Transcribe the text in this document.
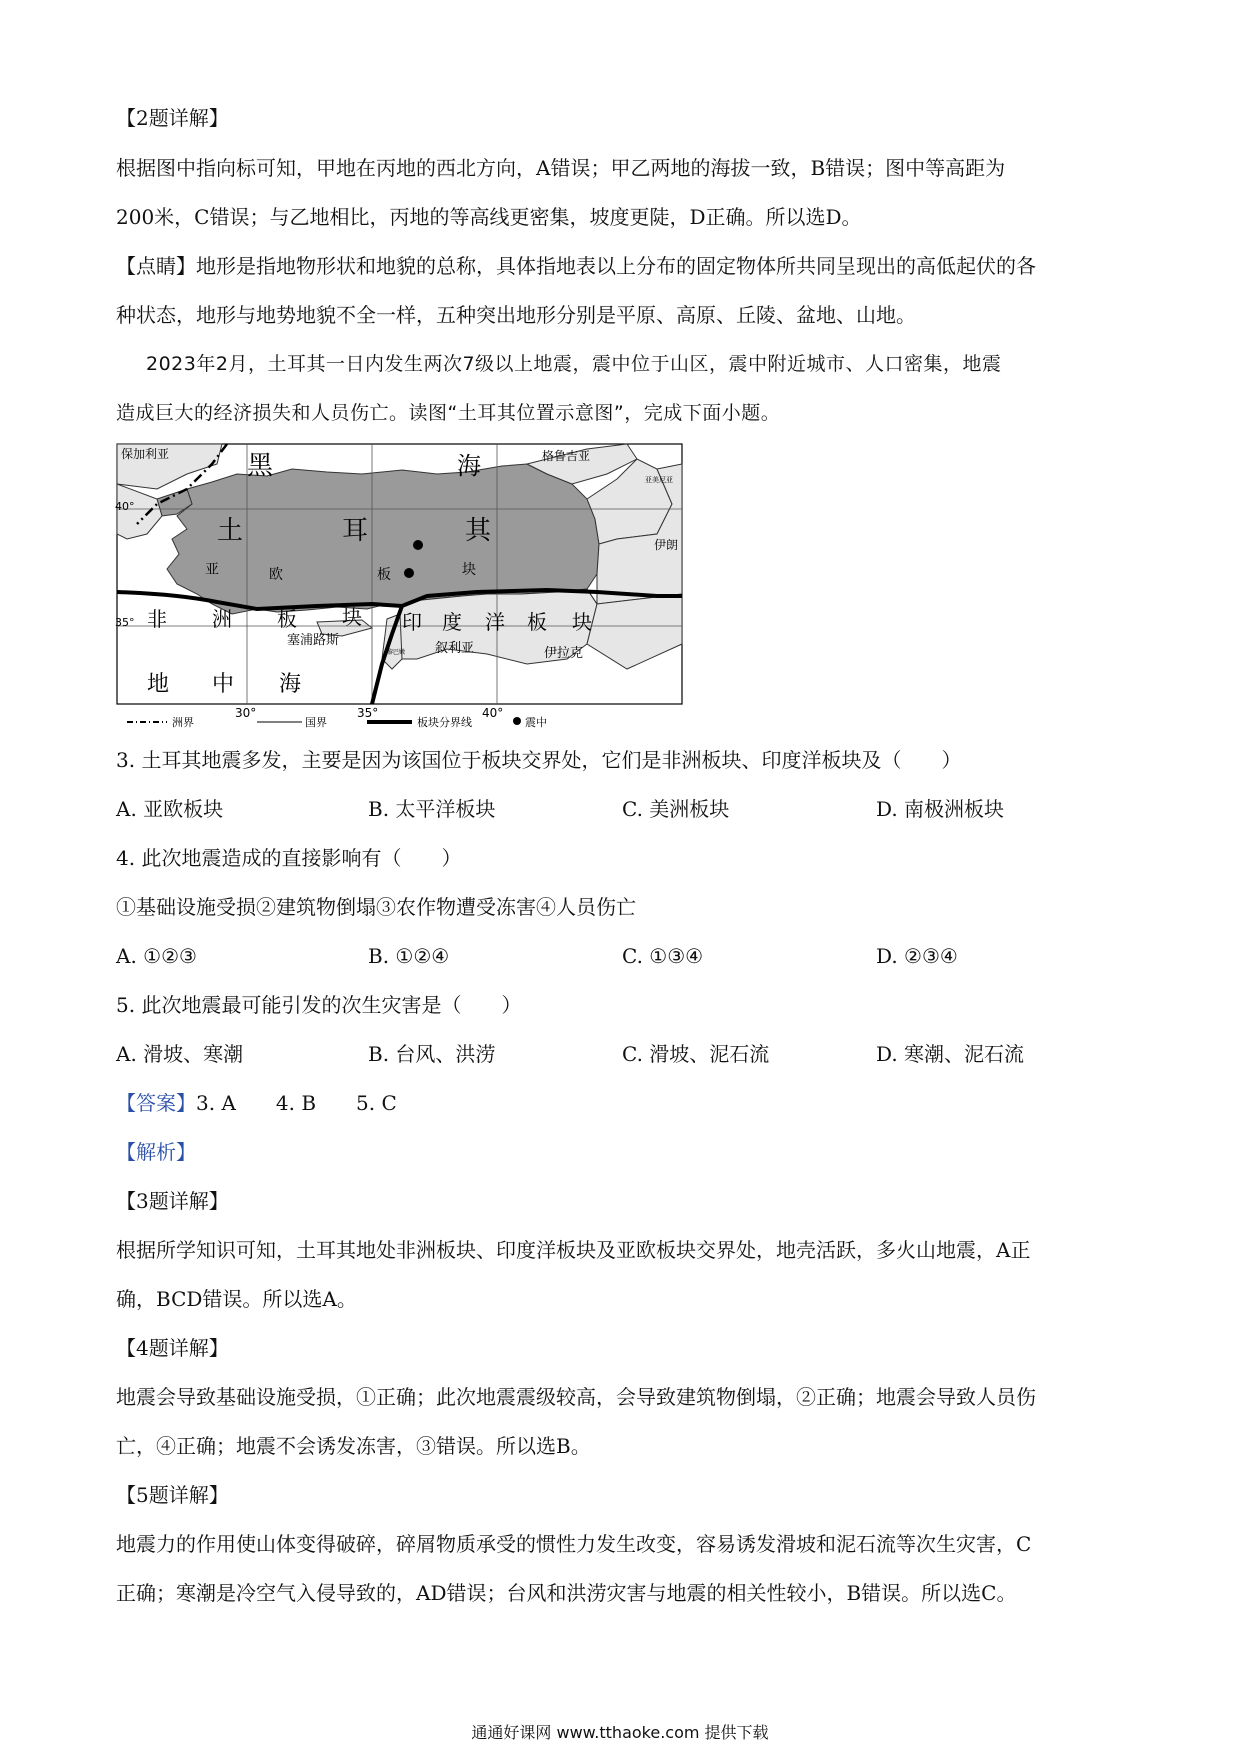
【2题详解】
根据图中指向标可知，甲地在丙地的西北方向，A错误；甲乙两地的海拔一致，B错误；图中等高距为
200米，C错误；与乙地相比，丙地的等高线更密集，坡度更陡，D正确。所以选D。
【点睛】地形是指地物形状和地貌的总称，具体指地表以上分布的固定物体所共同呈现出的高低起伏的各
种状态，地形与地势地貌不全一样，五种突出地形分别是平原、高原、丘陵、盆地、山地。
2023年2月，土耳其一日内发生两次7级以上地震，震中位于山区，震中附近城市、人口密集，地震
造成巨大的经济损失和人员伤亡。读图“土耳其位置示意图”，完成下面小题。
保加利亚	黑	海	格鲁吉亚
亚美尼亚
40°
35°
土	耳	其
亚	欧	板	块
伊朗
非 洲 板 块 印 度 洋 板 块
塞浦路斯
叙利亚	伊拉克
地 中 海
黎巴嫩
30°	35°	40°
洲界	国界	板块分界线	震中
3. 土耳其地震多发，主要是因为该国位于板块交界处，它们是非洲板块、印度洋板块及（　　）
A. 亚欧板块	B. 太平洋板块	C. 美洲板块	D. 南极洲板块
4. 此次地震造成的直接影响有（　　）
①基础设施受损②建筑物倒塌③农作物遭受冻害④人员伤亡
A. ①②③	B. ①②④	C. ①③④	D. ②③④
5. 此次地震最可能引发的次生灾害是（　　）
A. 滑坡、寒潮	B. 台风、洪涝	C. 滑坡、泥石流	D. 寒潮、泥石流
【答案】3. A　　4. B　　5. C
【解析】
【3题详解】
根据所学知识可知，土耳其地处非洲板块、印度洋板块及亚欧板块交界处，地壳活跃，多火山地震，A正
确，BCD错误。所以选A。
【4题详解】
地震会导致基础设施受损，①正确；此次地震震级较高，会导致建筑物倒塌，②正确；地震会导致人员伤
亡，④正确；地震不会诱发冻害，③错误。所以选B。
【5题详解】
地震力的作用使山体变得破碎，碎屑物质承受的惯性力发生改变，容易诱发滑坡和泥石流等次生灾害，C
正确；寒潮是冷空气入侵导致的，AD错误；台风和洪涝灾害与地震的相关性较小，B错误。所以选C。
通通好课网 www.tthaoke.com 提供下载
